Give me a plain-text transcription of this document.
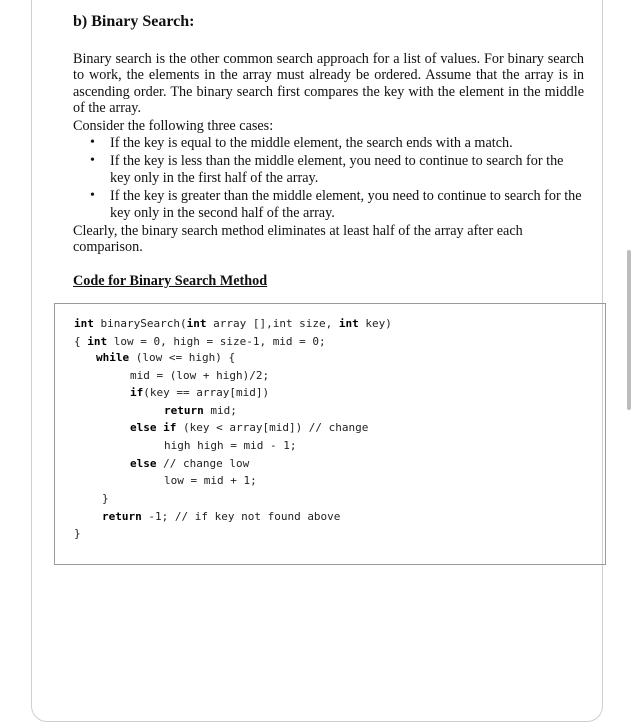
b) Binary Search:

Binary search is the other common search approach for a list of values. For binary search to work, the elements in the array must already be ordered. Assume that the array is in ascending order. The binary search first compares the key with the element in the middle of the array.

Consider the following three cases:

• If the key is equal to the middle element, the search ends with a match.
• If the key is less than the middle element, you need to continue to search for the key only in the first half of the array.
• If the key is greater than the middle element, you need to continue to search for the key only in the second half of the array.

Clearly, the binary search method eliminates at least half of the array after each comparison.

Code for Binary Search Method

int binarySearch(int array [],int size, int key)
{ int low = 0, high = size-1, mid = 0;
while (low <= high) {
mid = (low + high)/2;
if(key == array[mid])
return mid;
else if (key < array[mid]) // change
high high = mid - 1;
else // change low
low = mid + 1;
}
return -1; // if key not found above
}
